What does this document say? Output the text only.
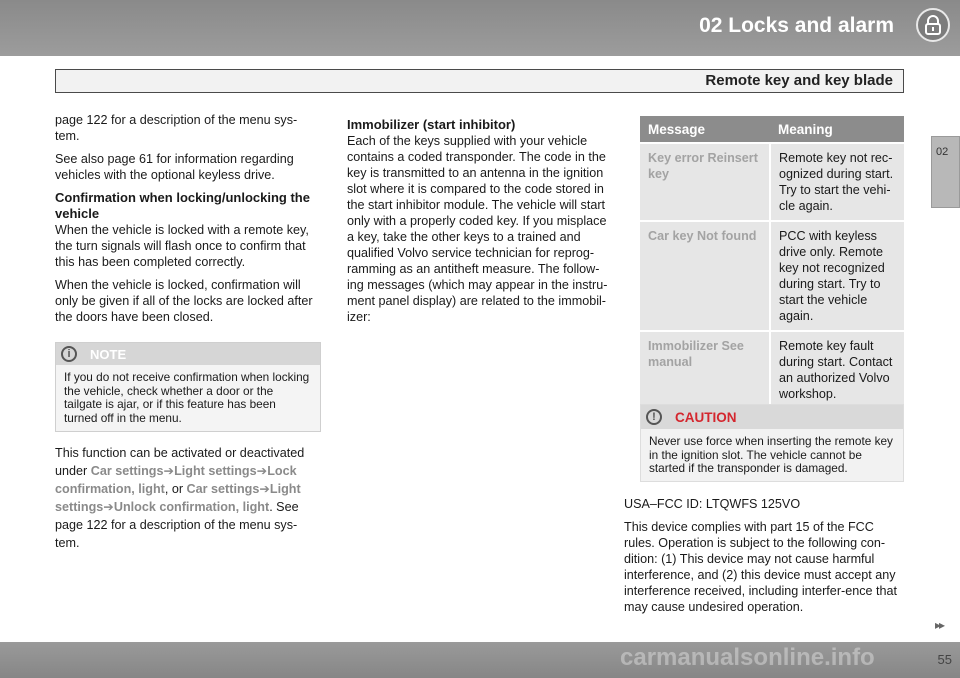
02 Locks and alarm
Remote key and key blade
02

page 122 for a description of the menu sys-tem.

See also page 61 for information regarding vehicles with the optional keyless drive.

Confirmation when locking/unlocking the vehicle

When the vehicle is locked with a remote key, the turn signals will flash once to confirm that this has been completed correctly.

When the vehicle is locked, confirmation will only be given if all of the locks are locked after the doors have been closed.

i	NOTE
If you do not receive confirmation when locking the vehicle, check whether a door or the tailgate is ajar, or if this feature has been turned off in the menu.

This function can be activated or deactivated under Car settings➔Light settings➔Lock confirmation, light, or Car settings➔Light settings➔Unlock confirmation, light. See page 122 for a description of the menu sys-tem.

Immobilizer (start inhibitor)

Each of the keys supplied with your vehicle contains a coded transponder. The code in the key is transmitted to an antenna in the ignition slot where it is compared to the code stored in the start inhibitor module. The vehicle will start only with a properly coded key. If you misplace a key, take the other keys to a trained and qualified Volvo service technician for reprog-ramming as an antitheft measure. The follow-ing messages (which may appear in the instru-ment panel display) are related to the immobil-izer:

Message	Meaning
Key error Reinsert key	Remote key not rec-ognized during start. Try to start the vehi-cle again.
Car key Not found	PCC with keyless drive only. Remote key not recognized during start. Try to start the vehicle again.
Immobilizer See manual	Remote key fault during start. Contact an authorized Volvo workshop.
!	CAUTION
Never use force when inserting the remote key in the ignition slot. The vehicle cannot be started if the transponder is damaged.

USA–FCC ID: LTQWFS 125VO

This device complies with part 15 of the FCC rules. Operation is subject to the following con-dition: (1) This device may not cause harmful interference, and (2) this device must accept any interference received, including interfer-ence that may cause undesired operation.

▸▸
carmanualsonline.info	55
